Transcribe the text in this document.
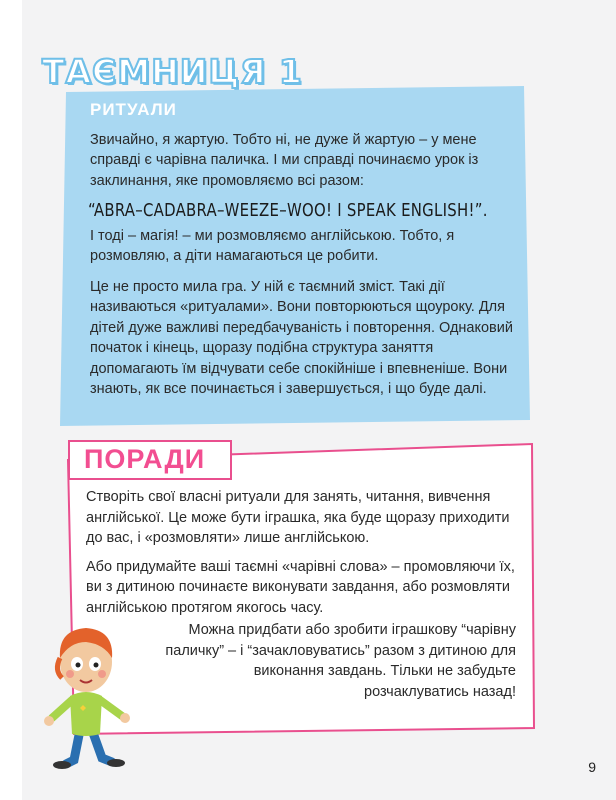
ТАЄМНИЦЯ 1
РИТУАЛИ

Звичайно, я жартую. Тобто ні, не дуже й жартую – у мене справді є чарівна паличка. І ми справді починаємо урок із заклинання, яке промовляємо всі разом:

“ABRA–CADABRA–WEEZE–WOO! I SPEAK ENGLISH!”.

І тоді – магія! – ми розмовляємо англійською. Тобто, я розмовляю, а діти намагаються це робити.

Це не просто мила гра. У ній є таємний зміст. Такі дії називаються «ритуалами». Вони повторюються щоуроку. Для дітей дуже важливі передбачуваність і повторення. Однаковий початок і кінець, щоразу подібна структура заняття допомагають їм відчувати себе спокійніше і впевненіше. Вони знають, як все починається і завершується, і що буде далі.

ПОРАДИ

Створіть свої власні ритуали для занять, читання, вивчення англійської. Це може бути іграшка, яка буде щоразу приходити до вас, і «розмовляти» лише англійською.

Або придумайте ваші таємні «чарівні слова» – промовляючи їх, ви з дитиною починаєте виконувати завдання, або розмовляти англійською протягом якогось часу.

Можна придбати або зробити іграшкову “чарівну паличку” – і “зачакловуватись” разом з дитиною для виконання завдань. Тільки не забудьте розчаклуватись назад!

9
